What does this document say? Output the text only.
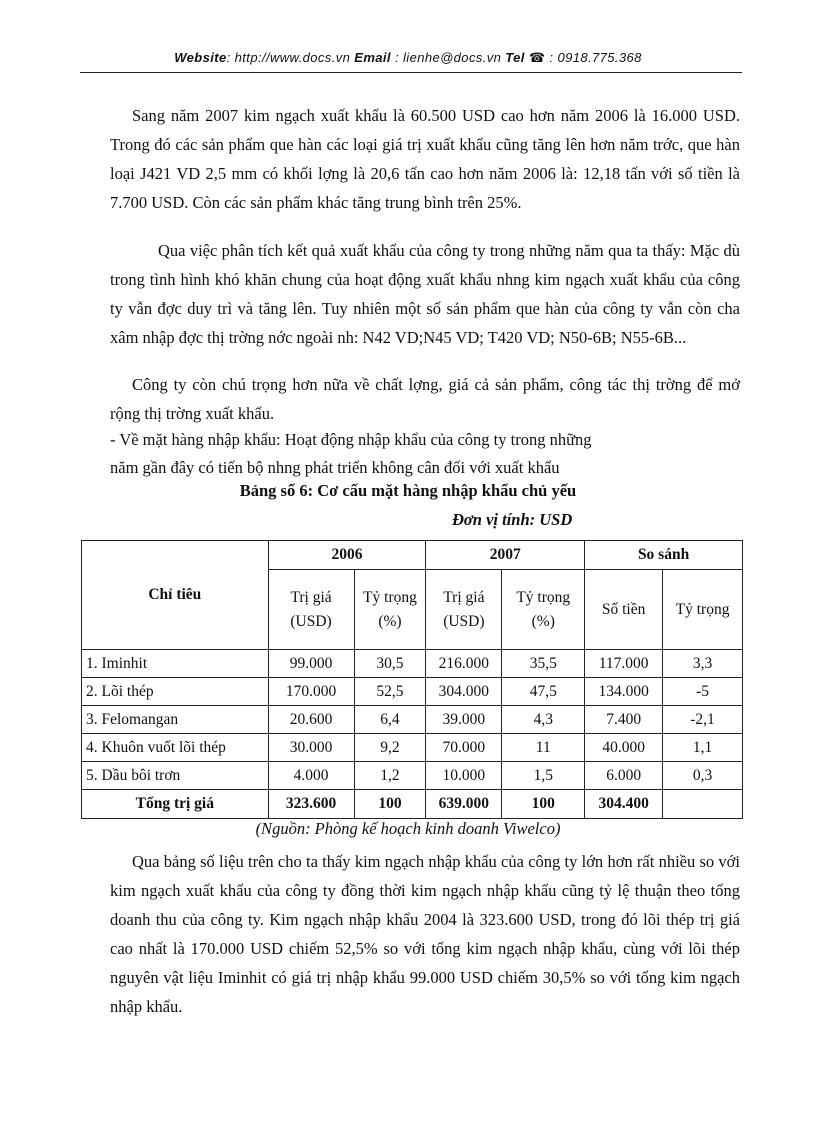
Website: http://www.docs.vn Email : lienhe@docs.vn Tel ☎ : 0918.775.368

Sang năm 2007 kim ngạch xuất khẩu là 60.500 USD cao hơn năm 2006 là 16.000 USD. Trong đó các sản phẩm que hàn các loại giá trị xuất khẩu cũng tăng lên hơn năm trớc, que hàn loại J421 VD 2,5 mm có khối lợng là 20,6 tấn cao hơn năm 2006 là: 12,18 tấn với số tiền là 7.700 USD. Còn các sản phẩm khác tăng trung bình trên 25%.

Qua việc phân tích kết quả xuất khẩu của công ty trong những năm qua ta thấy: Mặc dù trong tình hình khó khăn chung của hoạt động xuất khẩu nhng kim ngạch xuất khẩu của công ty vẫn đợc duy trì và tăng lên. Tuy nhiên một số sản phẩm que hàn của công ty vẫn còn cha xâm nhập đợc thị trờng nớc ngoài nh: N42 VD;N45 VD; T420 VD; N50-6B; N55-6B...

Công ty còn chú trọng hơn nữa về chất lợng, giá cả sản phẩm, công tác thị trờng để mở rộng thị trờng xuất khẩu.

- Về mặt hàng nhập khẩu: Hoạt động nhập khẩu của công ty trong những

năm gần đây có tiến bộ nhng phát triển không cân đối với xuất khẩu

Bảng số 6: Cơ cấu mặt hàng nhập khẩu chủ yếu
Đơn vị tính: USD
Chỉ tiêu	2006		2007		So sánh	
	Trị giá (USD)	Tỷ trọng (%)	Trị giá (USD)	Tỷ trọng (%)	Số tiền	Tỷ trọng
1. Iminhit	99.000	30,5	216.000	35,5	117.000	3,3
2. Lõi thép	170.000	52,5	304.000	47,5	134.000	-5
3. Felomangan	20.600	6,4	39.000	4,3	7.400	-2,1
4. Khuôn vuốt lõi thép	30.000	9,2	70.000	11	40.000	1,1
5. Dầu bôi trơn	4.000	1,2	10.000	1,5	6.000	0,3
Tổng trị giá	323.600	100	639.000	100	304.400	
(Nguồn: Phòng kế hoạch kinh doanh Viwelco)

Qua bảng số liệu trên cho ta thấy kim ngạch nhập khẩu của công ty lớn hơn rất nhiều so với kim ngạch xuất khẩu của công ty đồng thời kim ngạch nhập khẩu cũng tỷ lệ thuận theo tổng doanh thu của công ty. Kim ngạch nhập khẩu 2004 là 323.600 USD, trong đó lõi thép trị giá cao nhất là 170.000 USD chiếm 52,5% so với tổng kim ngạch nhập khẩu, cùng với lõi thép nguyên vật liệu Iminhit có giá trị nhập khẩu 99.000 USD chiếm 30,5% so với tổng kim ngạch nhập khẩu.
